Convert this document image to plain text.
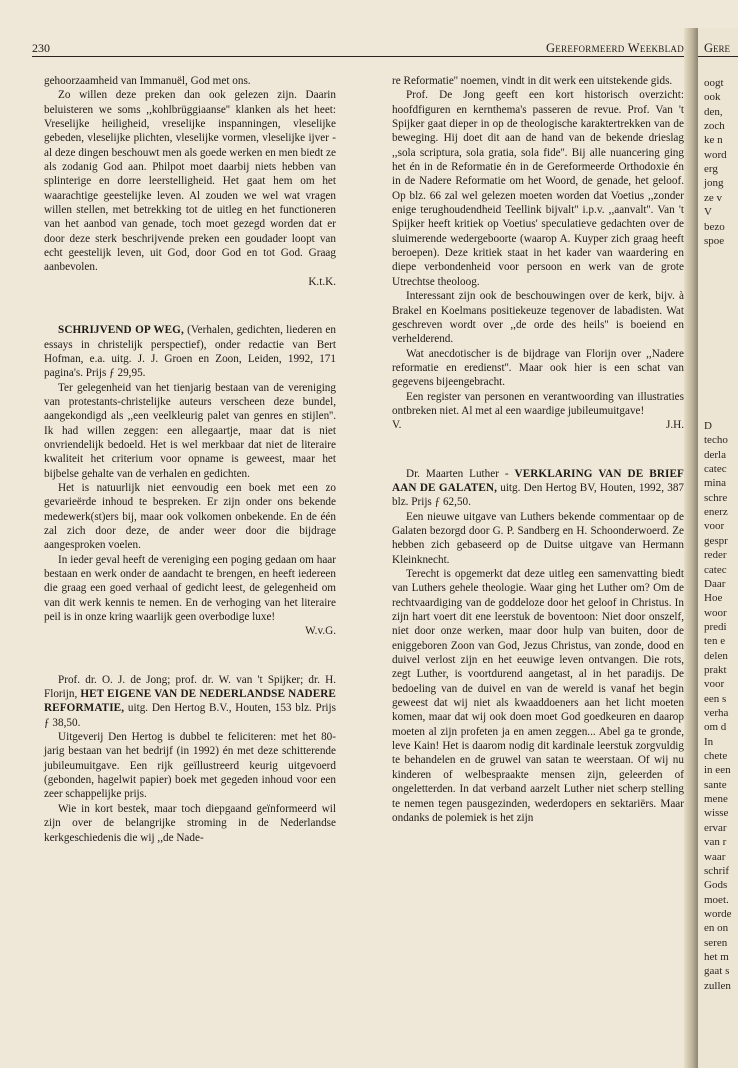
230	Gereformeerd Weekblad

gehoorzaamheid van Immanuël, God met ons.

Zo willen deze preken dan ook gelezen zijn. Daarin beluisteren we soms ,,kohlbrüggiaanse'' klanken als het heet: Vreselijke heiligheid, vreselijke inspanningen, vleselijke gebeden, vleselijke plichten, vleselijke vormen, vleselijke ijver - al deze dingen beschouwt men als goede werken en men biedt ze als zodanig God aan. Philpot moet daarbij niets hebben van splinterige en dorre leerstelligheid. Het gaat hem om het waarachtige geestelijke leven. Al zouden we wel wat vragen willen stellen, met betrekking tot de uitleg en het functioneren van het aanbod van genade, toch moet gezegd worden dat er door deze sterk beschrijvende preken een goudader loopt van echt geestelijk leven, uit God, door God en tot God. Graag aanbevolen.

K.t.K.

SCHRIJVEND OP WEG, (Verhalen, gedichten, liederen en essays in christelijk perspectief), onder redactie van Bert Hofman, e.a. uitg. J. J. Groen en Zoon, Leiden, 1992, 171 pagina's. Prijs ƒ 29,95.

Ter gelegenheid van het tienjarig bestaan van de vereniging van protestants-christelijke auteurs verscheen deze bundel, aangekondigd als ,,een veelkleurig palet van genres en stijlen''. Ik had willen zeggen: een allegaartje, maar dat is niet onvriendelijk bedoeld. Het is wel merkbaar dat niet de literaire kwaliteit het criterium voor opname is geweest, maar het bijbelse gehalte van de verhalen en gedichten.

Het is natuurlijk niet eenvoudig een boek met een zo gevarieërde inhoud te bespreken. Er zijn onder ons bekende medewerk(st)ers bij, maar ook volkomen onbekende. En de één zal zich door deze, de ander weer door die bijdrage aangesproken voelen.

In ieder geval heeft de vereniging een poging gedaan om haar bestaan en werk onder de aandacht te brengen, en heeft iedereen die graag een goed verhaal of gedicht leest, de gelegenheid om van dit werk kennis te nemen. En de verhoging van het literaire peil is in onze kring waarlijk geen overbodige luxe!

W.v.G.

Prof. dr. O. J. de Jong; prof. dr. W. van 't Spijker; dr. H. Florijn, HET EIGENE VAN DE NEDERLANDSE NADERE REFORMATIE, uitg. Den Hertog B.V., Houten, 153 blz. Prijs ƒ 38,50.

Uitgeverij Den Hertog is dubbel te feliciteren: met het 80-jarig bestaan van het bedrijf (in 1992) én met deze schitterende jubileumuitgave. Een rijk geïllustreerd keurig uitgevoerd (gebonden, hagelwit papier) boek met gegeden inhoud voor een zeer schappelijke prijs.

Wie in kort bestek, maar toch diepgaand geïnformeerd wil zijn over de belangrijke stroming in de Nederlandse kerkgeschiedenis die wij ,,de Nade-

re Reformatie'' noemen, vindt in dit werk een uitstekende gids.

Prof. De Jong geeft een kort historisch overzicht: hoofdfiguren en kernthema's passeren de revue. Prof. Van 't Spijker gaat dieper in op de theologische karaktertrekken van de beweging. Hij doet dit aan de hand van de bekende drieslag ,,sola scriptura, sola gratia, sola fide''. Bij alle nuancering ging het én in de Reformatie én in de Gereformeerde Orthodoxie én in de Nadere Reformatie om het Woord, de genade, het geloof. Op blz. 66 zal wel gelezen moeten worden dat Voetius ,,zonder enige terughoudendheid Teellink bijvalt'' i.p.v. ,,aanvalt''. Van 't Spijker heeft kritiek op Voetius' speculatieve gedachten over de sluimerende wedergeboorte (waarop A. Kuyper zich graag heeft beroepen). Deze kritiek staat in het kader van waardering en diepe verbondenheid voor persoon en werk van de grote Utrechtse theoloog.

Interessant zijn ook de beschouwingen over de kerk, bijv. à Brakel en Koelmans positiekeuze tegenover de labadisten. Wat geschreven wordt over ,,de orde des heils'' is boeiend en verhelderend.

Wat anecdotischer is de bijdrage van Florijn over ,,Nadere reformatie en eredienst''. Maar ook hier is een schat van gegevens bijeengebracht.

Een register van personen en verantwoording van illustraties ontbreken niet. Al met al een waardige jubileumuitgave!

V.	J.H.

Dr. Maarten Luther - VERKLARING VAN DE BRIEF AAN DE GALATEN, uitg. Den Hertog BV, Houten, 1992, 387 blz. Prijs ƒ 62,50.

Een nieuwe uitgave van Luthers bekende commentaar op de Galaten bezorgd door G. P. Sandberg en H. Schoonderwoerd. Ze hebben zich gebaseerd op de Duitse uitgave van Hermann Kleinknecht.

Terecht is opgemerkt dat deze uitleg een samenvatting biedt van Luthers gehele theologie. Waar ging het Luther om? Om de rechtvaardiging van de goddeloze door het geloof in Christus. In zijn hart voert dit ene leerstuk de boventoon: Niet door onszelf, niet door onze werken, maar door hulp van buiten, door de eniggeboren Zoon van God, Jezus Christus, van zonde, dood en duivel verlost zijn en het eeuwige leven ontvangen. Die rots, zegt Luther, is voortdurend aangetast, al in het paradijs. De bedoeling van de duivel en van de wereld is vanaf het begin geweest dat wij niet als kwaaddoeners aan het licht moeten komen, maar dat wij ook doen moet God goedkeuren en daarop moeten al zijn profeten ja en amen zeggen... Abel ga te gronde, leve Kain! Het is daarom nodig dit kardinale leerstuk zorgvuldig te behandelen en de gruwel van satan te weerstaan. Of wij nu kinderen of welbespraakte mensen zijn, geleerden of ongeletterden. In dat verband aarzelt Luther niet scherp stelling te nemen tegen pausgezinden, wederdopers en sektariërs. Maar ondanks de polemiek is het zijn

Gere
oogt
ook
den,
zoch
ke n
word
erg
jong
ze v
V
bezo
spoe
D
techo
derla
catec
mina
schre
enerz
voor
gespr
reder
catec
Daar
Hoe
woor
predi
ten e
delen
prakt
voor
een s
verha
om d
In
chete
in een
sante
mene
wisse
ervar
van r
waar
schrif
Gods
moet.
worde
en on
seren
het m
gaat s
zullen
